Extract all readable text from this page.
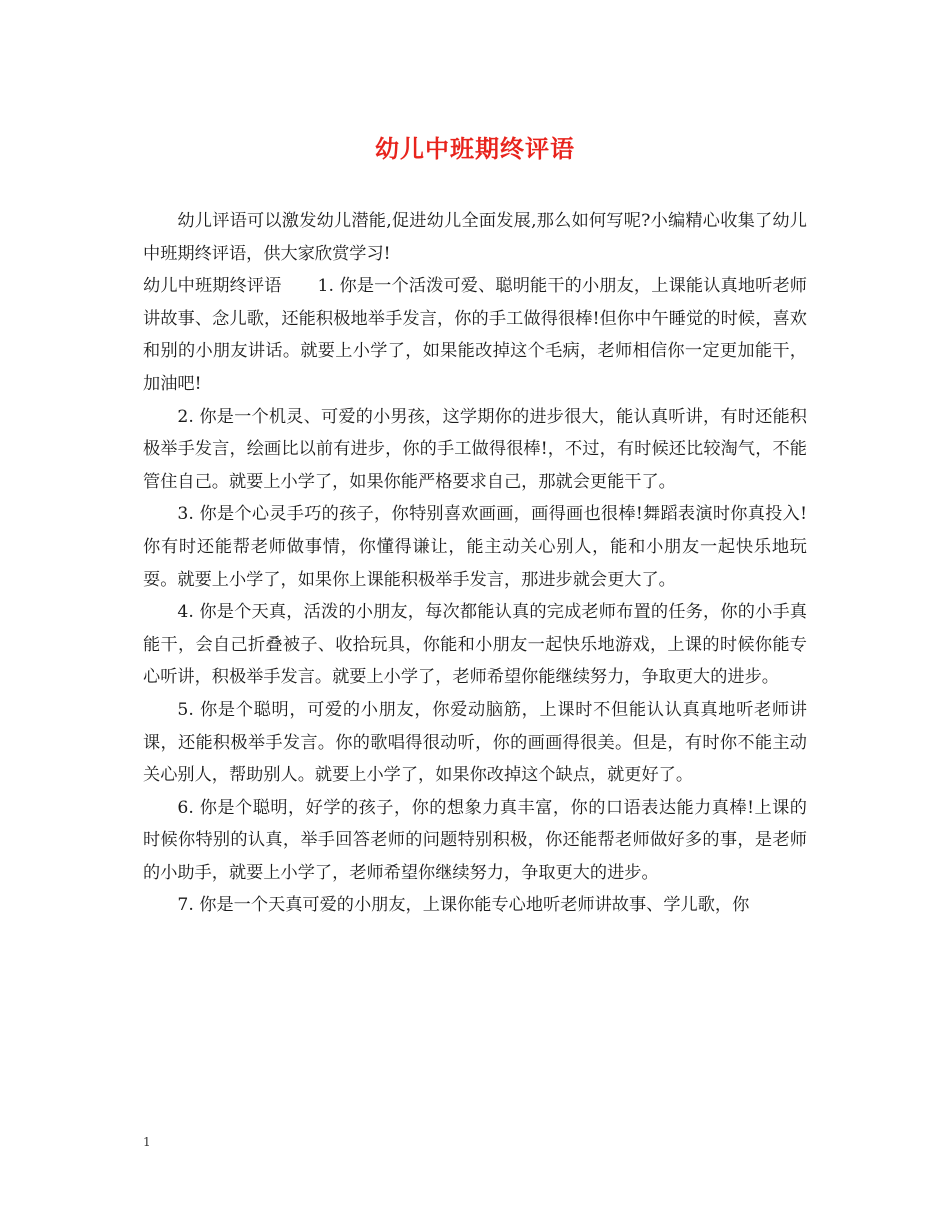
幼儿中班期终评语

幼儿评语可以激发幼儿潜能,促进幼儿全面发展,那么如何写呢?小编精心收集了幼儿中班期终评语，供大家欣赏学习!

幼儿中班期终评语 1. 你是一个活泼可爱、聪明能干的小朋友，上课能认真地听老师讲故事、念儿歌，还能积极地举手发言，你的手工做得很棒!但你中午睡觉的时候，喜欢和别的小朋友讲话。就要上小学了，如果能改掉这个毛病，老师相信你一定更加能干，加油吧!

2. 你是一个机灵、可爱的小男孩，这学期你的进步很大，能认真听讲，有时还能积极举手发言，绘画比以前有进步，你的手工做得很棒!，不过，有时候还比较淘气，不能管住自己。就要上小学了，如果你能严格要求自己，那就会更能干了。

3. 你是个心灵手巧的孩子，你特别喜欢画画，画得画也很棒!舞蹈表演时你真投入!你有时还能帮老师做事情，你懂得谦让，能主动关心别人，能和小朋友一起快乐地玩耍。就要上小学了，如果你上课能积极举手发言，那进步就会更大了。

4. 你是个天真，活泼的小朋友，每次都能认真的完成老师布置的任务，你的小手真能干，会自己折叠被子、收拾玩具，你能和小朋友一起快乐地游戏，上课的时候你能专心听讲，积极举手发言。就要上小学了，老师希望你能继续努力，争取更大的进步。

5. 你是个聪明，可爱的小朋友，你爱动脑筋，上课时不但能认认真真地听老师讲课，还能积极举手发言。你的歌唱得很动听，你的画画得很美。但是，有时你不能主动关心别人，帮助别人。就要上小学了，如果你改掉这个缺点，就更好了。

6. 你是个聪明，好学的孩子，你的想象力真丰富，你的口语表达能力真棒!上课的时候你特别的认真，举手回答老师的问题特别积极，你还能帮老师做好多的事，是老师的小助手，就要上小学了，老师希望你继续努力，争取更大的进步。

7. 你是一个天真可爱的小朋友，上课你能专心地听老师讲故事、学儿歌，你

1
